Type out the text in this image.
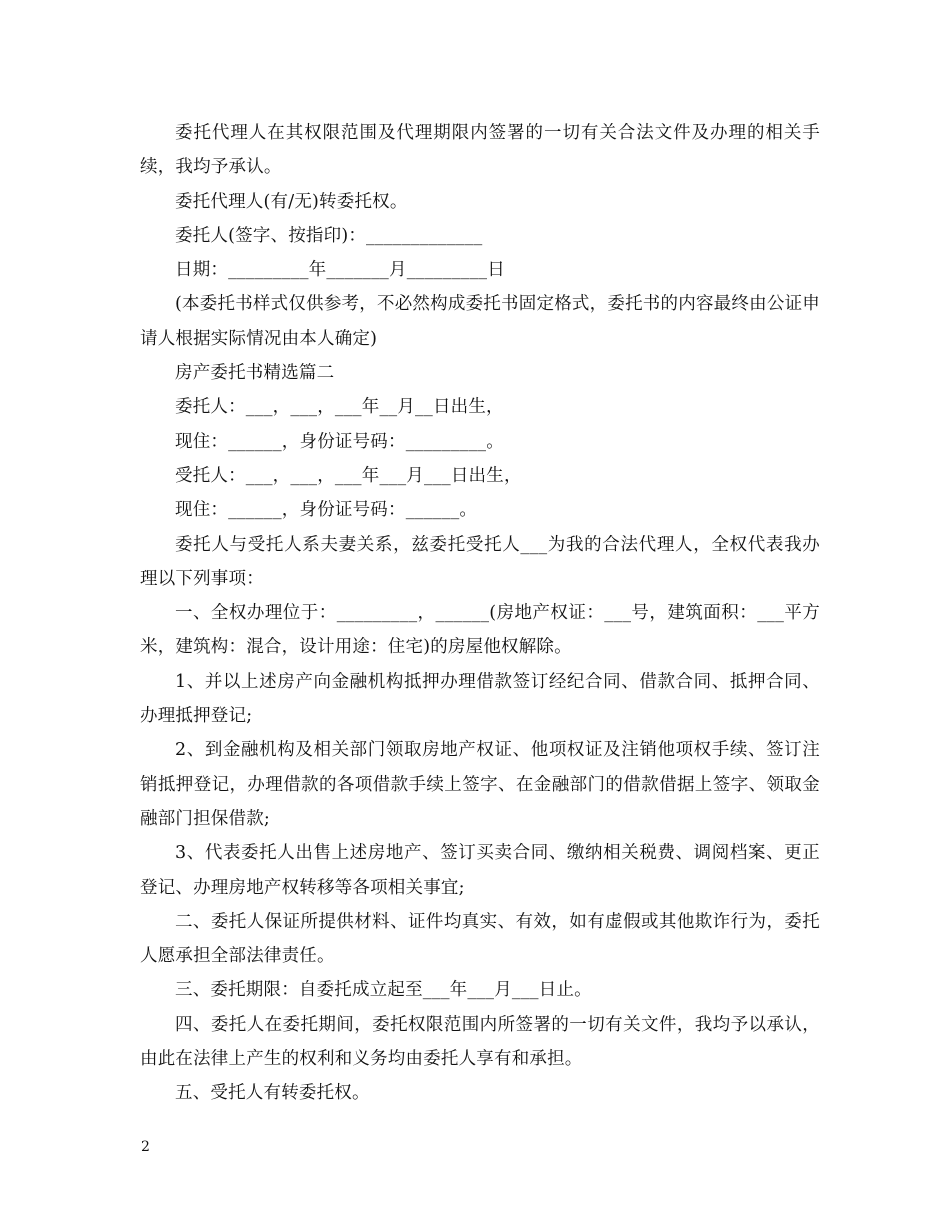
委托代理人在其权限范围及代理期限内签署的一切有关合法文件及办理的相关手续，我均予承认。

委托代理人(有/无)转委托权。

委托人(签字、按指印)：_____________

日期：_________年_______月_________日

(本委托书样式仅供参考，不必然构成委托书固定格式，委托书的内容最终由公证申请人根据实际情况由本人确定)

房产委托书精选篇二

委托人：___，___，___年__月__日出生，

现住：______，身份证号码：_________。

受托人：___，___，___年___月___日出生，

现住：______，身份证号码：______。

委托人与受托人系夫妻关系，兹委托受托人___为我的合法代理人，全权代表我办理以下列事项：

一、全权办理位于：_________，______(房地产权证：___号，建筑面积：___平方米，建筑构：混合，设计用途：住宅)的房屋他权解除。

1、并以上述房产向金融机构抵押办理借款签订经纪合同、借款合同、抵押合同、办理抵押登记;

2、到金融机构及相关部门领取房地产权证、他项权证及注销他项权手续、签订注销抵押登记，办理借款的各项借款手续上签字、在金融部门的借款借据上签字、领取金融部门担保借款;

3、代表委托人出售上述房地产、签订买卖合同、缴纳相关税费、调阅档案、更正登记、办理房地产权转移等各项相关事宜;

二、委托人保证所提供材料、证件均真实、有效，如有虚假或其他欺诈行为，委托人愿承担全部法律责任。

三、委托期限：自委托成立起至___年___月___日止。

四、委托人在委托期间，委托权限范围内所签署的一切有关文件，我均予以承认，由此在法律上产生的权利和义务均由委托人享有和承担。

五、受托人有转委托权。

2
